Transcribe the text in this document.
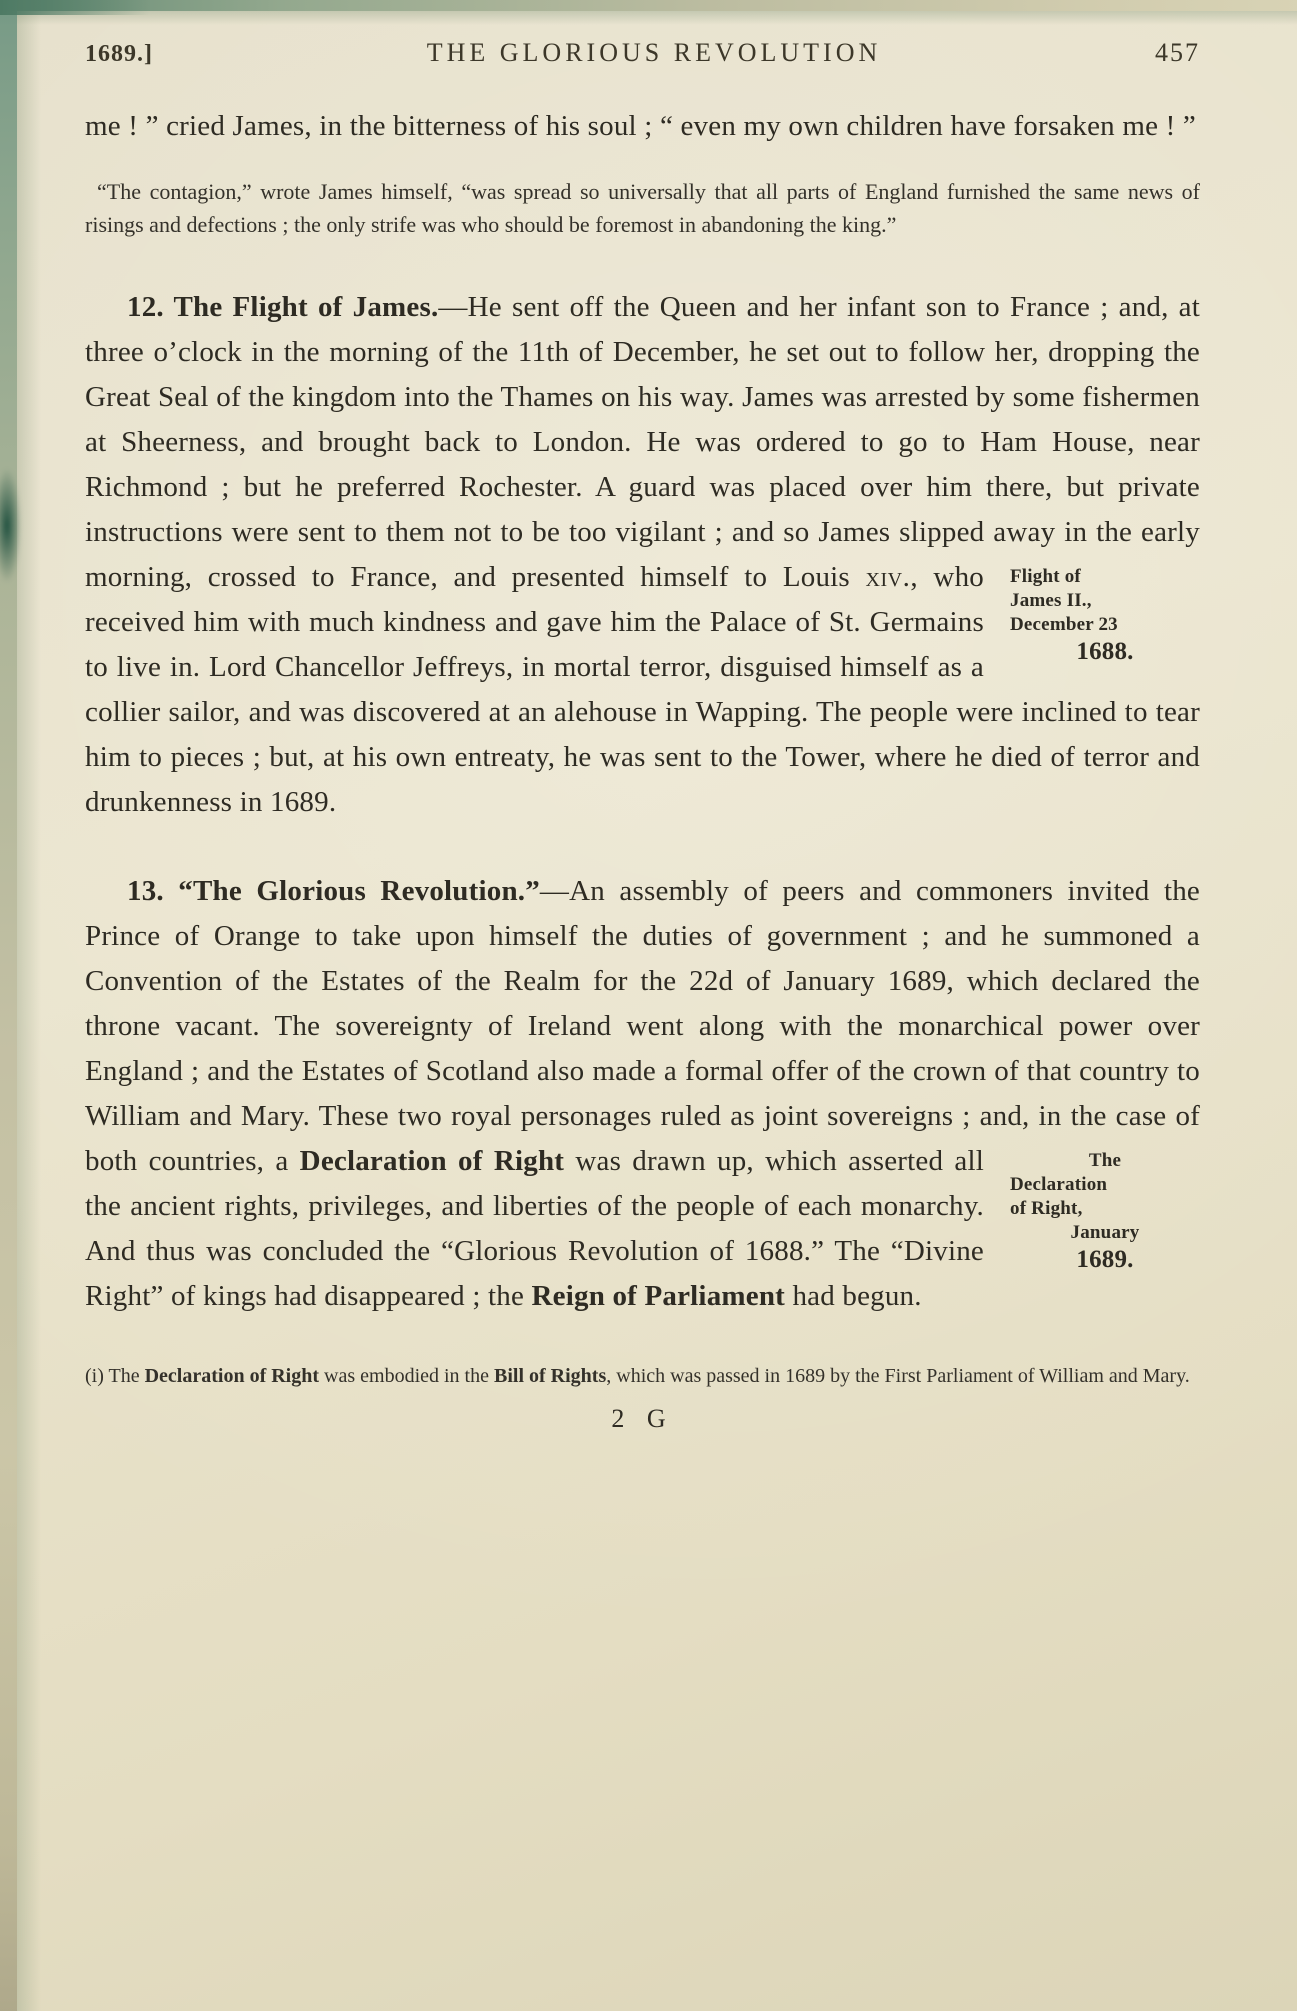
1689.]	THE GLORIOUS REVOLUTION	457

me ! ” cried James, in the bitterness of his soul ; “ even my own children have forsaken me ! ”

“The contagion,” wrote James himself, “was spread so universally that all parts of England furnished the same news of risings and defections ; the only strife was who should be foremost in abandoning the king.”

12. The Flight of James.—He sent off the Queen and her infant son to France ; and, at three o’clock in the morning of the 11th of December, he set out to follow her, dropping the Great Seal of the kingdom into the Thames on his way. James was arrested by some fishermen at Sheerness, and brought back to London. He was ordered to go to Ham House, near Richmond ; but he preferred Rochester. A guard was placed over him there, but private instructions were sent to them not to be too vigilant ; and so James slipped away in the early morning, crossed to France, and presented himself to	Flight of
James II.,
December 23
1688.
Louis xiv., who received him with much kindness and gave him the Palace of St. Germains to live in. Lord Chancellor Jeffreys, in mortal terror, disguised himself as a collier sailor, and was discovered at an alehouse in Wapping. The people were inclined to tear him to pieces ; but, at his own entreaty, he was sent to the Tower, where he died of terror and drunkenness in 1689.

13. “The Glorious Revolution.”—An assembly of peers and commoners invited the Prince of Orange to take upon himself the duties of government ; and he summoned a Convention of the Estates of the Realm for the 22d of January 1689, which declared the throne vacant. The sovereignty of Ireland went along with the monarchical power over England ; and the Estates of Scotland also made a formal offer of the crown of that country to William and Mary. These two royal personages ruled as joint sovereigns ; and, in the case
The
Declaration
of Right,
January
1689.
of both countries, a Declaration of Right was drawn up, which asserted all the ancient rights, privileges, and liberties of the people of each monarchy. And thus was concluded the “Glorious Revolution of 1688.” The “Divine Right” of kings had disappeared ; the Reign of Parliament had begun.

(i) The Declaration of Right was embodied in the Bill of Rights, which was passed in 1689 by the First Parliament of William and Mary.

2 G
